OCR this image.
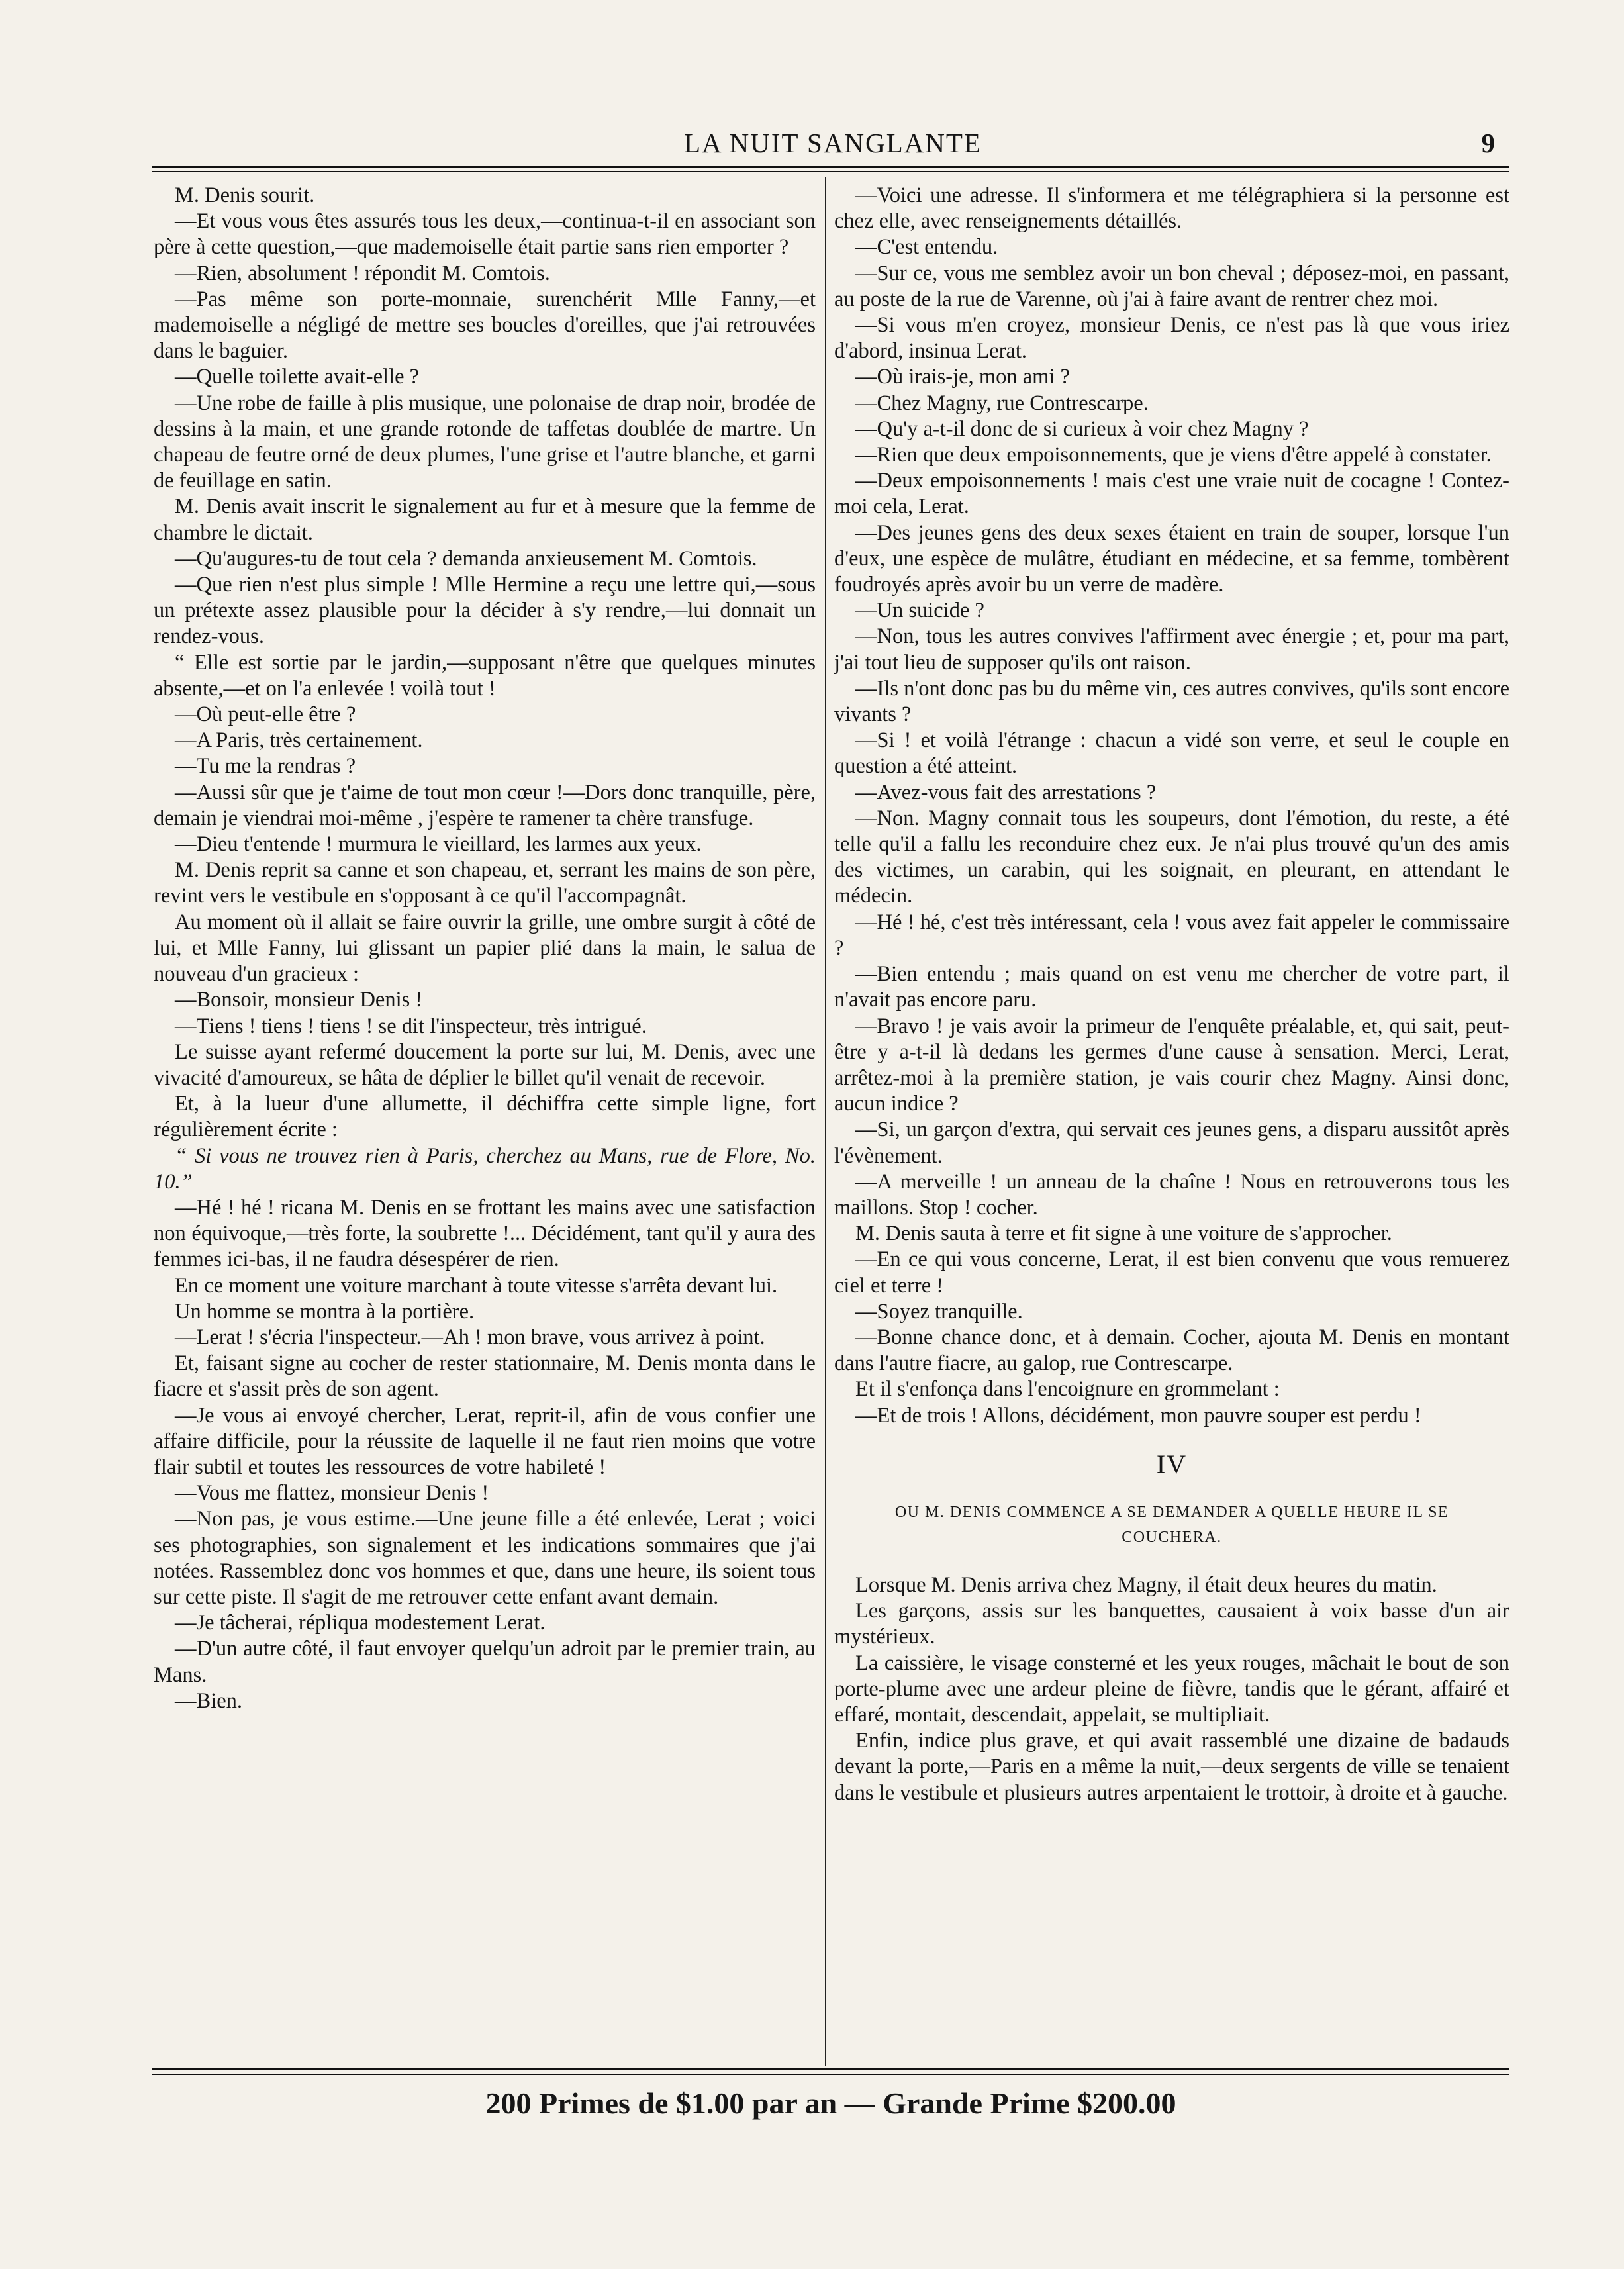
LA NUIT SANGLANTE	9

M. Denis sourit.

—Et vous vous êtes assurés tous les deux,—continua-t-il en associant son père à cette question,—que mademoiselle était partie sans rien emporter ?

—Rien, absolument ! répondit M. Comtois.

—Pas même son porte-monnaie, surenchérit Mlle Fanny,—et mademoiselle a négligé de mettre ses boucles d'oreilles, que j'ai retrouvées dans le baguier.

—Quelle toilette avait-elle ?

—Une robe de faille à plis musique, une polonaise de drap noir, brodée de dessins à la main, et une grande rotonde de taffetas doublée de martre. Un chapeau de feutre orné de deux plumes, l'une grise et l'autre blanche, et garni de feuillage en satin.

M. Denis avait inscrit le signalement au fur et à mesure que la femme de chambre le dictait.

—Qu'augures-tu de tout cela ? demanda anxieusement M. Comtois.

—Que rien n'est plus simple ! Mlle Hermine a reçu une lettre qui,—sous un prétexte assez plausible pour la décider à s'y rendre,—lui donnait un rendez-vous.

“ Elle est sortie par le jardin,—supposant n'être que quelques minutes absente,—et on l'a enlevée ! voilà tout !

—Où peut-elle être ?

—A Paris, très certainement.

—Tu me la rendras ?

—Aussi sûr que je t'aime de tout mon cœur !—Dors donc tranquille, père, demain je viendrai moi-même , j'espère te ramener ta chère transfuge.

—Dieu t'entende ! murmura le vieillard, les larmes aux yeux.

M. Denis reprit sa canne et son chapeau, et, serrant les mains de son père, revint vers le vestibule en s'opposant à ce qu'il l'accompagnât.

Au moment où il allait se faire ouvrir la grille, une ombre surgit à côté de lui, et Mlle Fanny, lui glissant un papier plié dans la main, le salua de nouveau d'un gracieux :

—Bonsoir, monsieur Denis !

—Tiens ! tiens ! tiens ! se dit l'inspecteur, très intrigué.

Le suisse ayant refermé doucement la porte sur lui, M. Denis, avec une vivacité d'amoureux, se hâta de déplier le billet qu'il venait de recevoir.

Et, à la lueur d'une allumette, il déchiffra cette simple ligne, fort régulièrement écrite :

“ Si vous ne trouvez rien à Paris, cherchez au Mans, rue de Flore, No. 10.”

—Hé ! hé ! ricana M. Denis en se frottant les mains avec une satisfaction non équivoque,—très forte, la soubrette !... Décidément, tant qu'il y aura des femmes ici-bas, il ne faudra désespérer de rien.

En ce moment une voiture marchant à toute vitesse s'arrêta devant lui.

Un homme se montra à la portière.

—Lerat ! s'écria l'inspecteur.—Ah ! mon brave, vous arrivez à point.

Et, faisant signe au cocher de rester stationnaire, M. Denis monta dans le fiacre et s'assit près de son agent.

—Je vous ai envoyé chercher, Lerat, reprit-il, afin de vous confier une affaire difficile, pour la réussite de laquelle il ne faut rien moins que votre flair subtil et toutes les ressources de votre habileté !

—Vous me flattez, monsieur Denis !

—Non pas, je vous estime.—Une jeune fille a été enlevée, Lerat ; voici ses photographies, son signalement et les indications sommaires que j'ai notées. Rassemblez donc vos hommes et que, dans une heure, ils soient tous sur cette piste. Il s'agit de me retrouver cette enfant avant demain.

—Je tâcherai, répliqua modestement Lerat.

—D'un autre côté, il faut envoyer quelqu'un adroit par le premier train, au Mans.

—Bien.

—Voici une adresse. Il s'informera et me télégraphiera si la personne est chez elle, avec renseignements détaillés.

—C'est entendu.

—Sur ce, vous me semblez avoir un bon cheval ; déposez-moi, en passant, au poste de la rue de Varenne, où j'ai à faire avant de rentrer chez moi.

—Si vous m'en croyez, monsieur Denis, ce n'est pas là que vous iriez d'abord, insinua Lerat.

—Où irais-je, mon ami ?

—Chez Magny, rue Contrescarpe.

—Qu'y a-t-il donc de si curieux à voir chez Magny ?

—Rien que deux empoisonnements, que je viens d'être appelé à constater.

—Deux empoisonnements ! mais c'est une vraie nuit de cocagne ! Contez-moi cela, Lerat.

—Des jeunes gens des deux sexes étaient en train de souper, lorsque l'un d'eux, une espèce de mulâtre, étudiant en médecine, et sa femme, tombèrent foudroyés après avoir bu un verre de madère.

—Un suicide ?

—Non, tous les autres convives l'affirment avec énergie ; et, pour ma part, j'ai tout lieu de supposer qu'ils ont raison.

—Ils n'ont donc pas bu du même vin, ces autres convives, qu'ils sont encore vivants ?

—Si ! et voilà l'étrange : chacun a vidé son verre, et seul le couple en question a été atteint.

—Avez-vous fait des arrestations ?

—Non. Magny connait tous les soupeurs, dont l'émotion, du reste, a été telle qu'il a fallu les reconduire chez eux. Je n'ai plus trouvé qu'un des amis des victimes, un carabin, qui les soignait, en pleurant, en attendant le médecin.

—Hé ! hé, c'est très intéressant, cela ! vous avez fait appeler le commissaire ?

—Bien entendu ; mais quand on est venu me chercher de votre part, il n'avait pas encore paru.

—Bravo ! je vais avoir la primeur de l'enquête préalable, et, qui sait, peut-être y a-t-il là dedans les germes d'une cause à sensation. Merci, Lerat, arrêtez-moi à la première station, je vais courir chez Magny. Ainsi donc, aucun indice ?

—Si, un garçon d'extra, qui servait ces jeunes gens, a disparu aussitôt après l'évènement.

—A merveille ! un anneau de la chaîne ! Nous en retrouverons tous les maillons. Stop ! cocher.

M. Denis sauta à terre et fit signe à une voiture de s'approcher.

—En ce qui vous concerne, Lerat, il est bien convenu que vous remuerez ciel et terre !

—Soyez tranquille.

—Bonne chance donc, et à demain. Cocher, ajouta M. Denis en montant dans l'autre fiacre, au galop, rue Contrescarpe.

Et il s'enfonça dans l'encoignure en grommelant :

—Et de trois ! Allons, décidément, mon pauvre souper est perdu !

IV
OU M. DENIS COMMENCE A SE DEMANDER A QUELLE HEURE IL SE COUCHERA.

Lorsque M. Denis arriva chez Magny, il était deux heures du matin.

Les garçons, assis sur les banquettes, causaient à voix basse d'un air mystérieux.

La caissière, le visage consterné et les yeux rouges, mâchait le bout de son porte-plume avec une ardeur pleine de fièvre, tandis que le gérant, affairé et effaré, montait, descendait, appelait, se multipliait.

Enfin, indice plus grave, et qui avait rassemblé une dizaine de badauds devant la porte,—Paris en a même la nuit,—deux sergents de ville se tenaient dans le vestibule et plusieurs autres arpentaient le trottoir, à droite et à gauche.

200 Primes de $1.00 par an — Grande Prime $200.00
